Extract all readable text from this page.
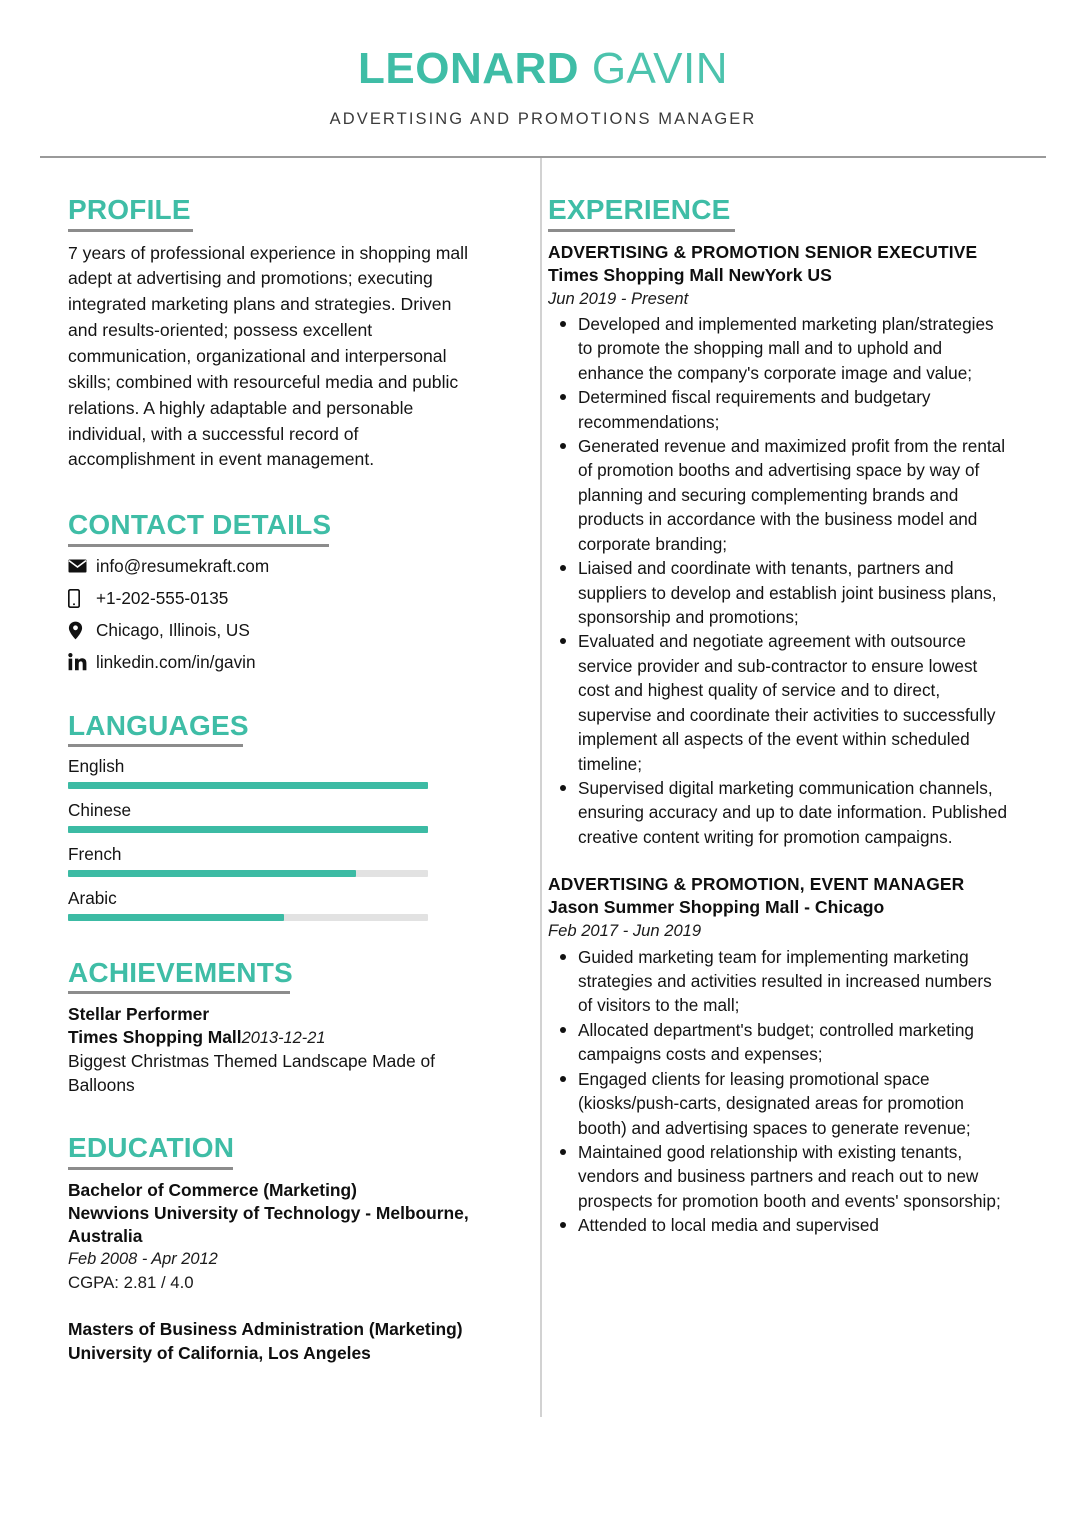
LEONARD GAVIN
ADVERTISING AND PROMOTIONS MANAGER
PROFILE
7 years of professional experience in shopping mall adept at advertising and promotions; executing integrated marketing plans and strategies. Driven and results-oriented; possess excellent communication, organizational and interpersonal skills; combined with resourceful media and public relations. A highly adaptable and personable individual, with a successful record of accomplishment in event management.
CONTACT DETAILS
info@resumekraft.com
+1-202-555-0135
Chicago, Illinois, US
linkedin.com/in/gavin
LANGUAGES
English
Chinese
French
Arabic
ACHIEVEMENTS
Stellar Performer
Times Shopping Mall2013-12-21
Biggest Christmas Themed Landscape Made of Balloons
EDUCATION
Bachelor of Commerce (Marketing)
Newvions University of Technology - Melbourne, Australia
Feb 2008 - Apr 2012
CGPA: 2.81 / 4.0
Masters of Business Administration (Marketing)
University of California, Los Angeles
EXPERIENCE
ADVERTISING & PROMOTION SENIOR EXECUTIVE
Times Shopping Mall NewYork US
Jun 2019 - Present
Developed and implemented marketing plan/strategies to promote the shopping mall and to uphold and enhance the company's corporate image and value;
Determined fiscal requirements and budgetary recommendations;
Generated revenue and maximized profit from the rental of promotion booths and advertising space by way of planning and securing complementing brands and products in accordance with the business model and corporate branding;
Liaised and coordinate with tenants, partners and suppliers to develop and establish joint business plans, sponsorship and promotions;
Evaluated and negotiate agreement with outsource service provider and sub-contractor to ensure lowest cost and highest quality of service and to direct, supervise and coordinate their activities to successfully implement all aspects of the event within scheduled timeline;
Supervised digital marketing communication channels, ensuring accuracy and up to date information. Published creative content writing for promotion campaigns.
ADVERTISING & PROMOTION, EVENT MANAGER
Jason Summer Shopping Mall - Chicago
Feb 2017 - Jun 2019
Guided marketing team for implementing marketing strategies and activities resulted in increased numbers of visitors to the mall;
Allocated department's budget; controlled marketing campaigns costs and expenses;
Engaged clients for leasing promotional space (kiosks/push-carts, designated areas for promotion booth) and advertising spaces to generate revenue;
Maintained good relationship with existing tenants, vendors and business partners and reach out to new prospects for promotion booth and events' sponsorship;
Attended to local media and supervised
